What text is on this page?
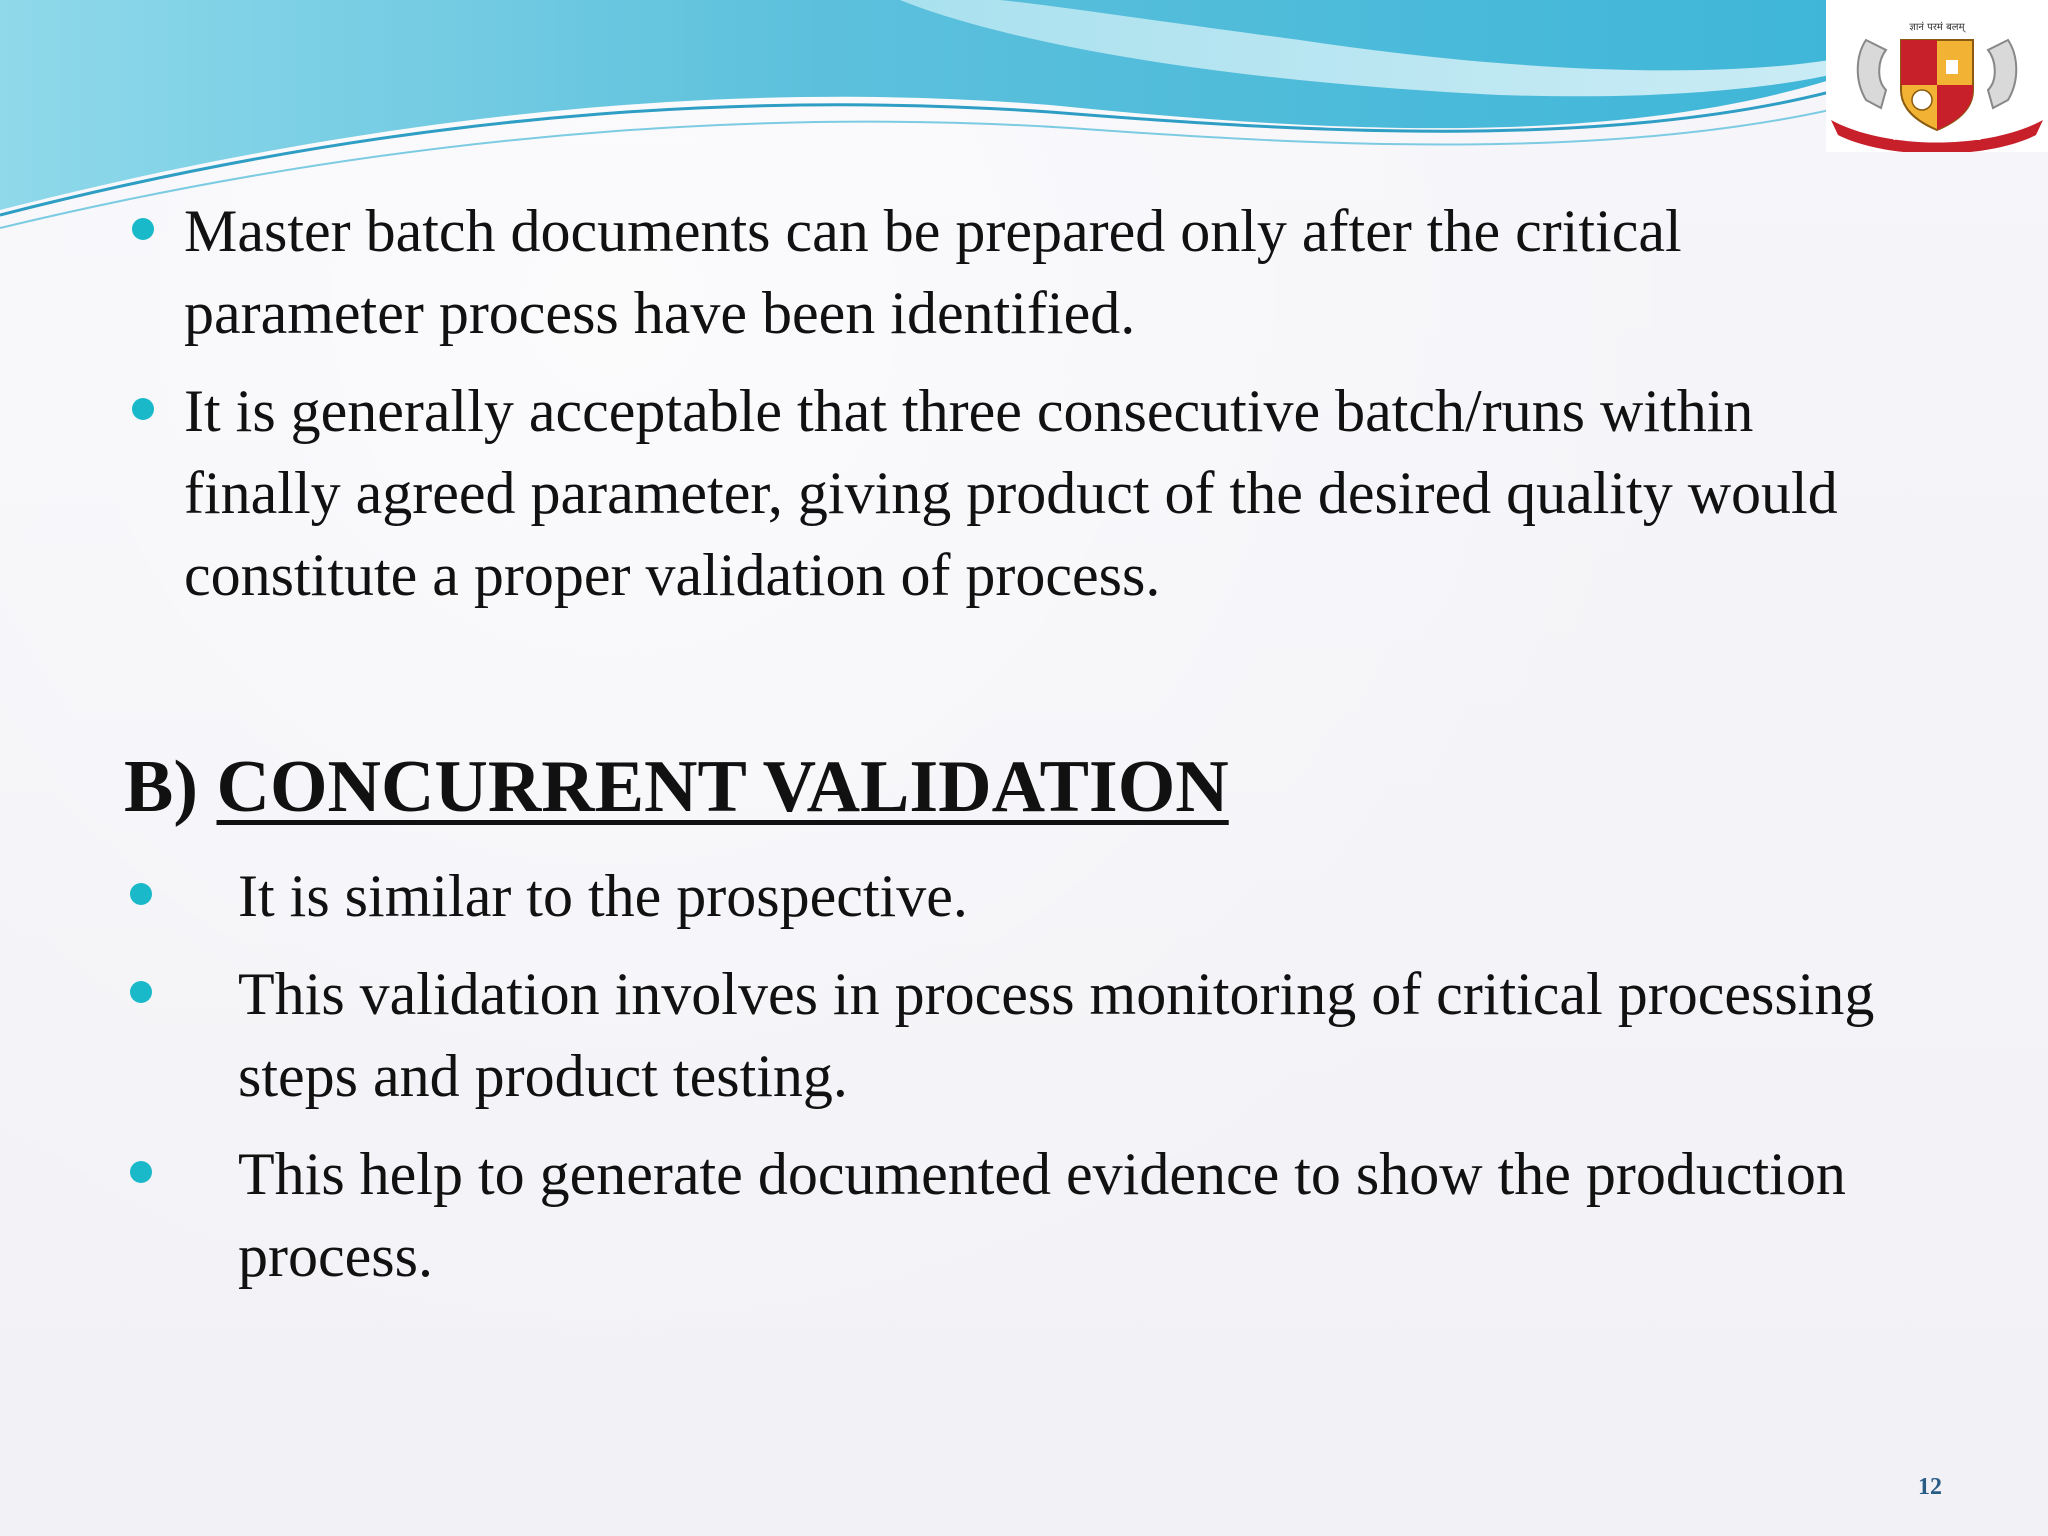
ज्ञानं परमं बलम्
PARUL INSTITUTE
Master batch documents can be prepared only after the critical parameter process have been identified.
It is generally acceptable that three consecutive batch/runs within finally agreed parameter, giving product of the desired quality would constitute a proper validation of process.
B) CONCURRENT VALIDATION
It is similar to the prospective.
This validation involves in process monitoring of critical processing steps and product testing.
This help to generate documented evidence to show the production process.
12
